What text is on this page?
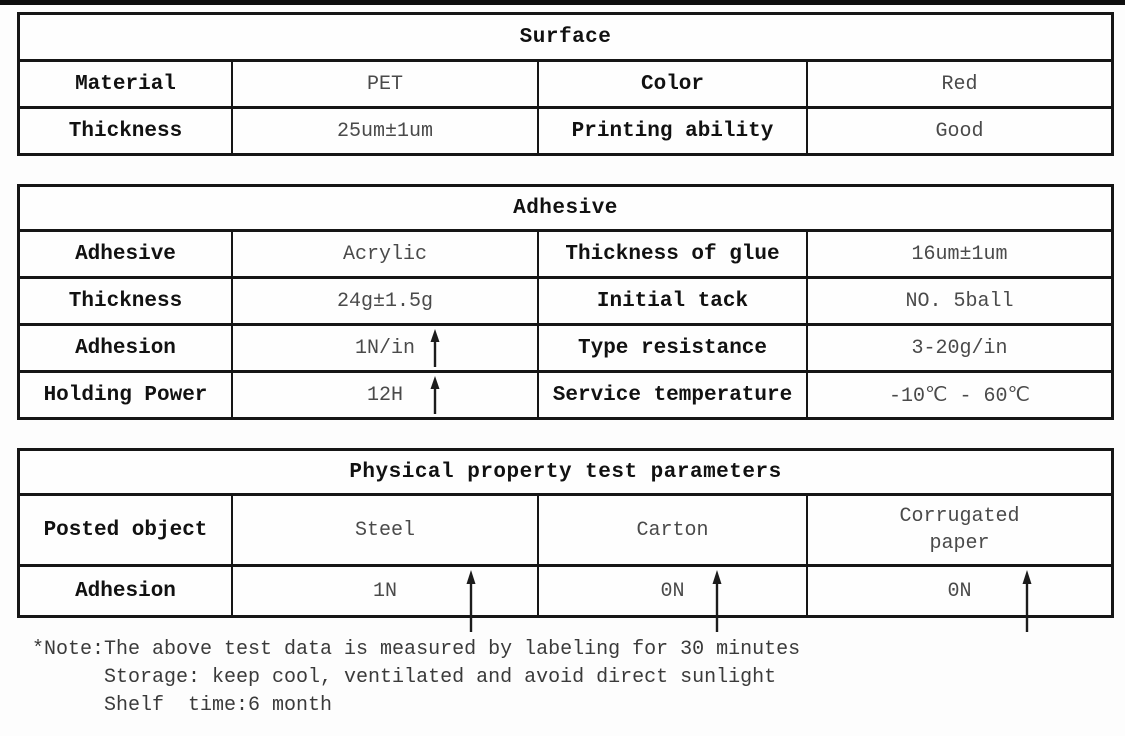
Surface			
Material	PET	Color	Red
Thickness	25um±1um	Printing ability	Good
Adhesive			
Adhesive	Acrylic	Thickness of glue	16um±1um
Thickness	24g±1.5g	Initial tack	NO. 5ball
Adhesion	1N/in	Type resistance	3-20g/in
Holding Power	12H	Service temperature	-10℃ - 60℃
Physical property test parameters			
Posted object	Steel	Carton	Corrugated paper
Adhesion	1N	0N	0N
*Note:The above test data is measured by labeling for 30 minutes
Storage: keep cool, ventilated and avoid direct sunlight
Shelf  time:6 month
